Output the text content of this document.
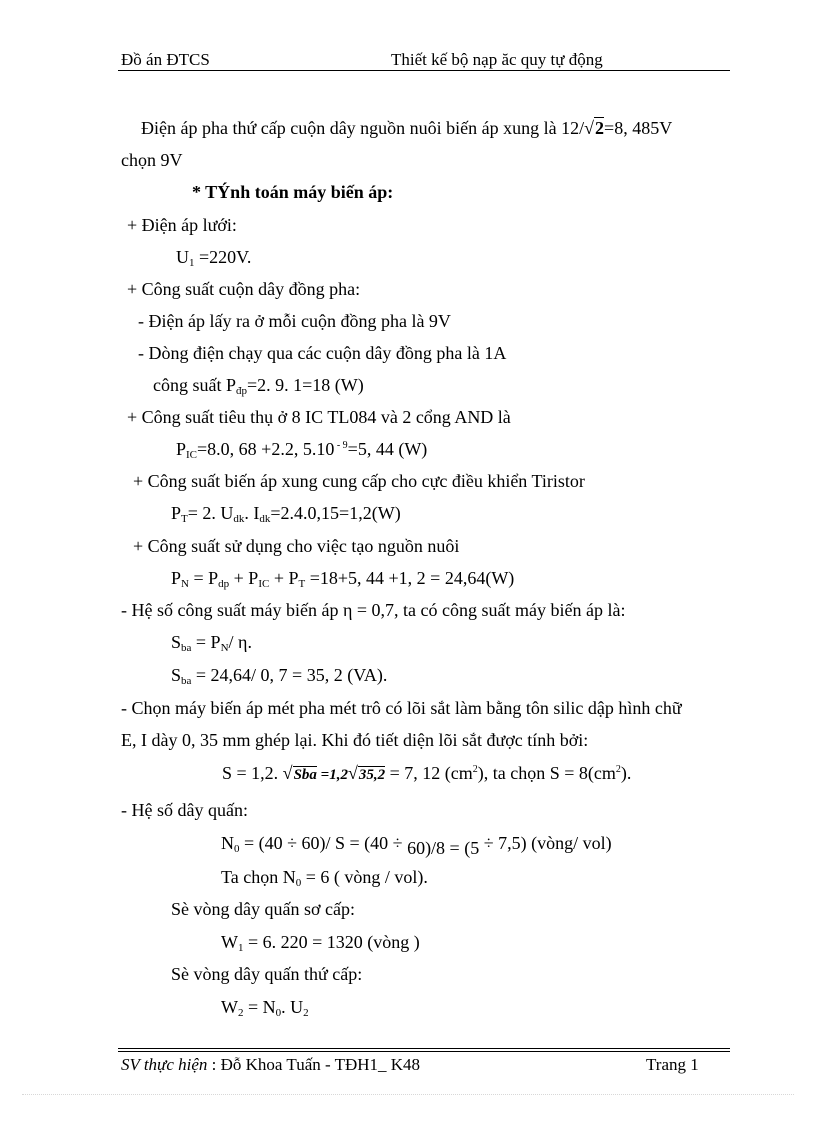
Đồ án ĐTCS	Thiết kế bộ nạp ăc quy tự động
Điện áp pha thứ cấp cuộn dây nguồn nuôi biến áp xung là 12/√2=8, 485V
chọn 9V
* TÝnh toán máy biến áp:
+ Điện áp lưới:
$U_1 =220V$.
+ Công suất cuộn dây đồng pha:
- Điện áp lấy ra ở mỗi cuộn đồng pha là 9V
- Dòng điện chạy qua các cuộn dây đồng pha là 1A
công suất $P_{đp}=2$. 9. 1=18 (W)
+ Công suất tiêu thụ ở 8 IC TL084 và 2 cổng AND là
$P_{IC}=8.0$, 68 +2.2, 5.10 $^{- 9}$=5, 44 (W)
+ Công suất biến áp xung cung cấp cho cực điều khiển Tiristor
$P_T= 2$. $U_{dk}$. $I_{dk}=2.4.0,15=1,2(W)$
+ Công suất sử dụng cho việc tạo nguồn nuôi
$P_N = P_{dp} + P_{IC} + P_T =18+5$, 44 +1, 2 = 24,64(W)
- Hệ số công suất máy biến áp η = 0,7, ta có công suất máy biến áp là:
$S_{ba} = P_N/$ η.
$S_{ba} = 24,64/$ 0, 7 = 35, 2 (VA).
- Chọn máy biến áp mét pha mét trô có lõi sắt làm bằng tôn silic dập hình chữ
E, I dày 0, 35 mm ghép lại. Khi đó tiết diện lõi sắt được tính bởi:
S = 1,2. √Sba =1,2√35,2 = 7, 12 $(cm^2)$, ta chọn $S = 8(cm^2)$.
- Hệ số dây quấn:
$N_0 = (40 \div 60)/$ S = (40 ÷ 60)/8 = (5 ÷ 7,5) (vòng/ vol)
Ta chọn $N_0 = 6$ ( vòng / vol).
Sè vòng dây quấn sơ cấp:
$W_1 = 6$. 220 = 1320 (vòng )
Sè vòng dây quấn thứ cấp:
$W_2 = N_0$. $U_2$
SV thực hiện : Đỗ Khoa Tuấn - TĐH1_ K48	Trang 1
